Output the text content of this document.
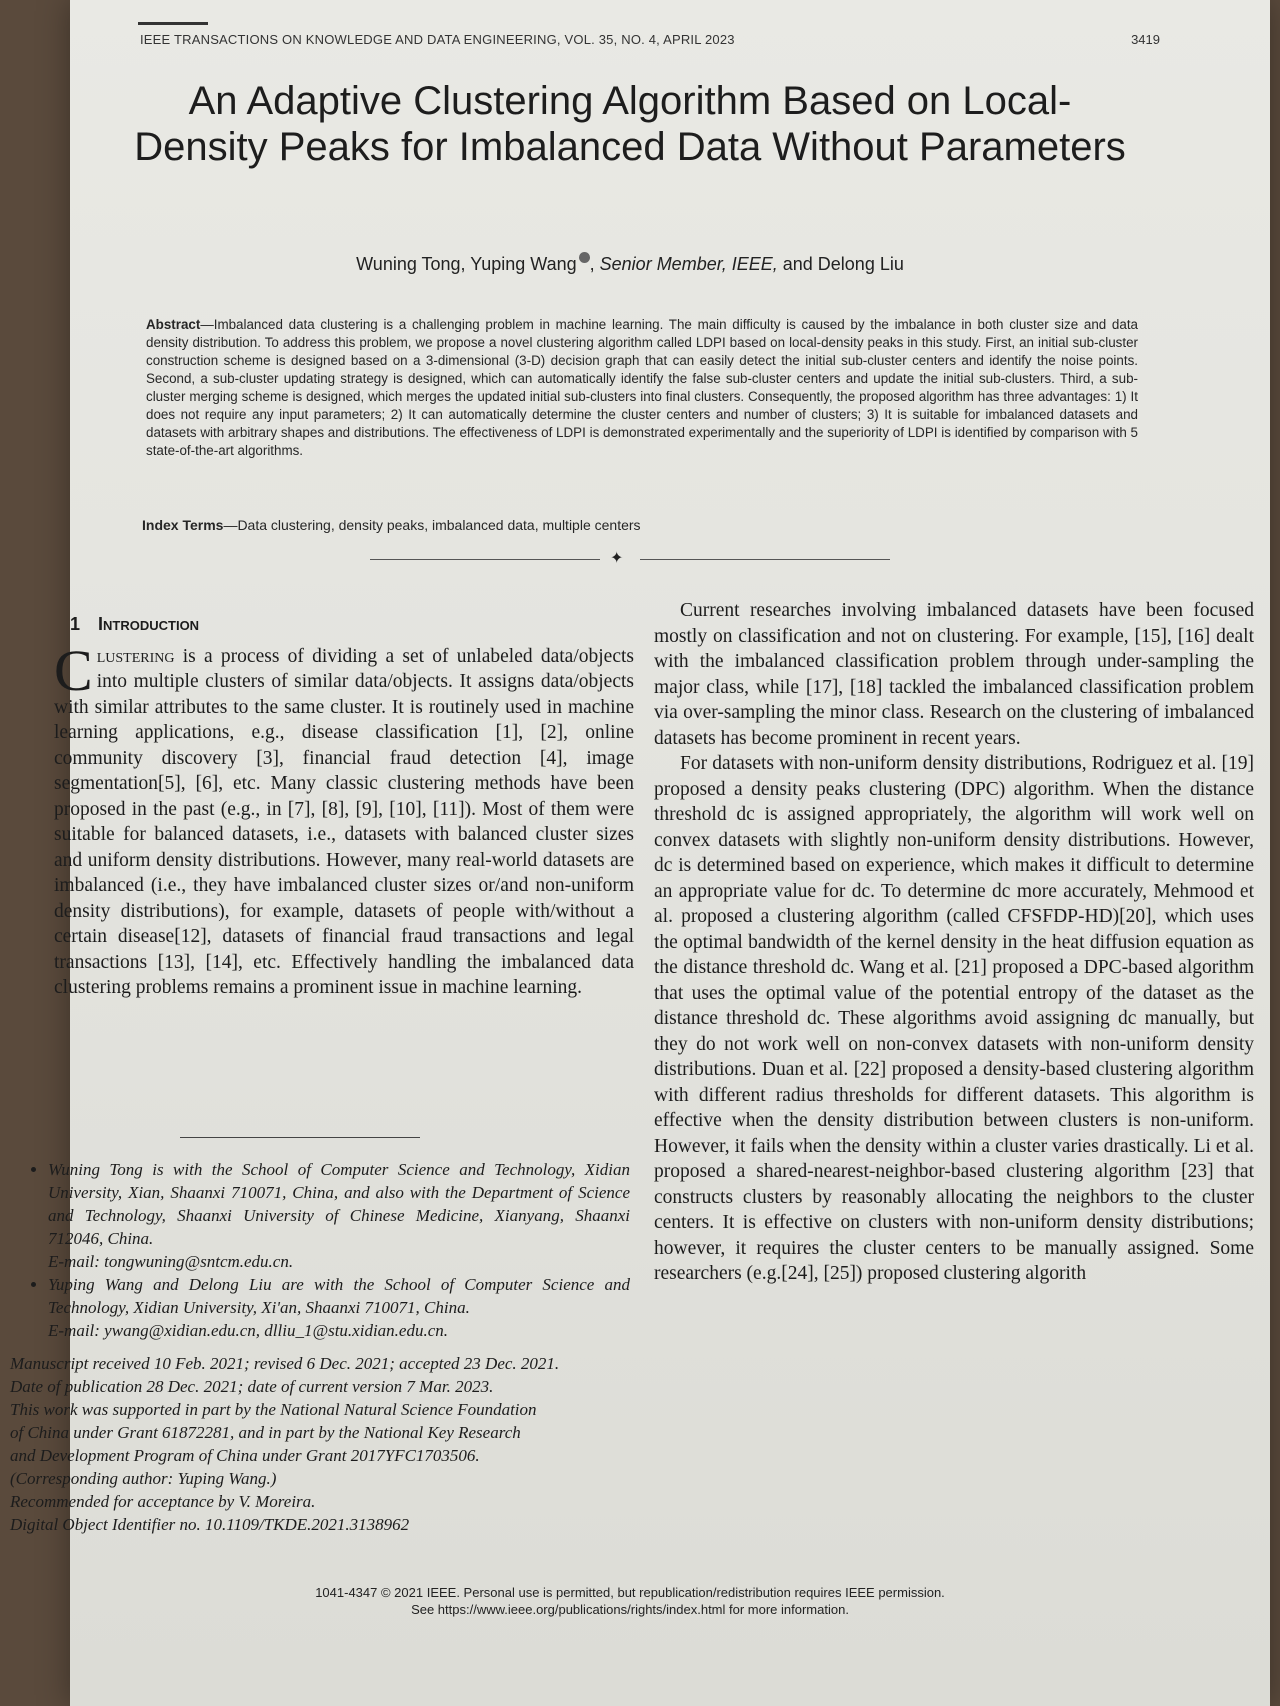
IEEE TRANSACTIONS ON KNOWLEDGE AND DATA ENGINEERING, VOL. 35, NO. 4, APRIL 2023	3419
An Adaptive Clustering Algorithm Based on Local-Density Peaks for Imbalanced Data Without Parameters
Wuning Tong, Yuping Wang , Senior Member, IEEE, and Delong Liu
Abstract—Imbalanced data clustering is a challenging problem in machine learning. The main difficulty is caused by the imbalance in both cluster size and data density distribution. To address this problem, we propose a novel clustering algorithm called LDPI based on local-density peaks in this study. First, an initial sub-cluster construction scheme is designed based on a 3-dimensional (3-D) decision graph that can easily detect the initial sub-cluster centers and identify the noise points. Second, a sub-cluster updating strategy is designed, which can automatically identify the false sub-cluster centers and update the initial sub-clusters. Third, a sub-cluster merging scheme is designed, which merges the updated initial sub-clusters into final clusters. Consequently, the proposed algorithm has three advantages: 1) It does not require any input parameters; 2) It can automatically determine the cluster centers and number of clusters; 3) It is suitable for imbalanced datasets and datasets with arbitrary shapes and distributions. The effectiveness of LDPI is demonstrated experimentally and the superiority of LDPI is identified by comparison with 5 state-of-the-art algorithms.
Index Terms—Data clustering, density peaks, imbalanced data, multiple centers
✦
1 Introduction

Clustering is a process of dividing a set of unlabeled data/objects into multiple clusters of similar data/objects. It assigns data/objects with similar attributes to the same cluster. It is routinely used in machine learning applications, e.g., disease classification [1], [2], online community discovery [3], financial fraud detection [4], image segmentation[5], [6], etc. Many classic clustering methods have been proposed in the past (e.g., in [7], [8], [9], [10], [11]). Most of them were suitable for balanced datasets, i.e., datasets with balanced cluster sizes and uniform density distributions. However, many real-world datasets are imbalanced (i.e., they have imbalanced cluster sizes or/and non-uniform density distributions), for example, datasets of people with/without a certain disease[12], datasets of financial fraud transactions and legal transactions [13], [14], etc. Effectively handling the imbalanced data clustering problems remains a prominent issue in machine learning.

Current researches involving imbalanced datasets have been focused mostly on classification and not on clustering. For example, [15], [16] dealt with the imbalanced classification problem through under-sampling the major class, while [17], [18] tackled the imbalanced classification problem via over-sampling the minor class. Research on the clustering of imbalanced datasets has become prominent in recent years.

For datasets with non-uniform density distributions, Rodriguez et al. [19] proposed a density peaks clustering (DPC) algorithm. When the distance threshold dc is assigned appropriately, the algorithm will work well on convex datasets with slightly non-uniform density distributions. However, dc is determined based on experience, which makes it difficult to determine an appropriate value for dc. To determine dc more accurately, Mehmood et al. proposed a clustering algorithm (called CFSFDP-HD)[20], which uses the optimal bandwidth of the kernel density in the heat diffusion equation as the distance threshold dc. Wang et al. [21] proposed a DPC-based algorithm that uses the optimal value of the potential entropy of the dataset as the distance threshold dc. These algorithms avoid assigning dc manually, but they do not work well on non-convex datasets with non-uniform density distributions. Duan et al. [22] proposed a density-based clustering algorithm with different radius thresholds for different datasets. This algorithm is effective when the density distribution between clusters is non-uniform. However, it fails when the density within a cluster varies drastically. Li et al. proposed a shared-nearest-neighbor-based clustering algorithm [23] that constructs clusters by reasonably allocating the neighbors to the cluster centers. It is effective on clusters with non-uniform density distributions; however, it requires the cluster centers to be manually assigned. Some researchers (e.g.[24], [25]) proposed clustering algorith

• Wuning Tong is with the School of Computer Science and Technology, Xidian University, Xian, Shaanxi 710071, China, and also with the Department of Science and Technology, Shaanxi University of Chinese Medicine, Xianyang, Shaanxi 712046, China.
E-mail: tongwuning@sntcm.edu.cn.
• Yuping Wang and Delong Liu are with the School of Computer Science and Technology, Xidian University, Xi'an, Shaanxi 710071, China.
E-mail: ywang@xidian.edu.cn, dlliu_1@stu.xidian.edu.cn.
Manuscript received 10 Feb. 2021; revised 6 Dec. 2021; accepted 23 Dec. 2021.
Date of publication 28 Dec. 2021; date of current version 7 Mar. 2023.
This work was supported in part by the National Natural Science Foundation
of China under Grant 61872281, and in part by the National Key Research
and Development Program of China under Grant 2017YFC1703506.
(Corresponding author: Yuping Wang.)
Recommended for acceptance by V. Moreira.
Digital Object Identifier no. 10.1109/TKDE.2021.3138962
1041-4347 © 2021 IEEE. Personal use is permitted, but republication/redistribution requires IEEE permission.
See https://www.ieee.org/publications/rights/index.html for more information.
